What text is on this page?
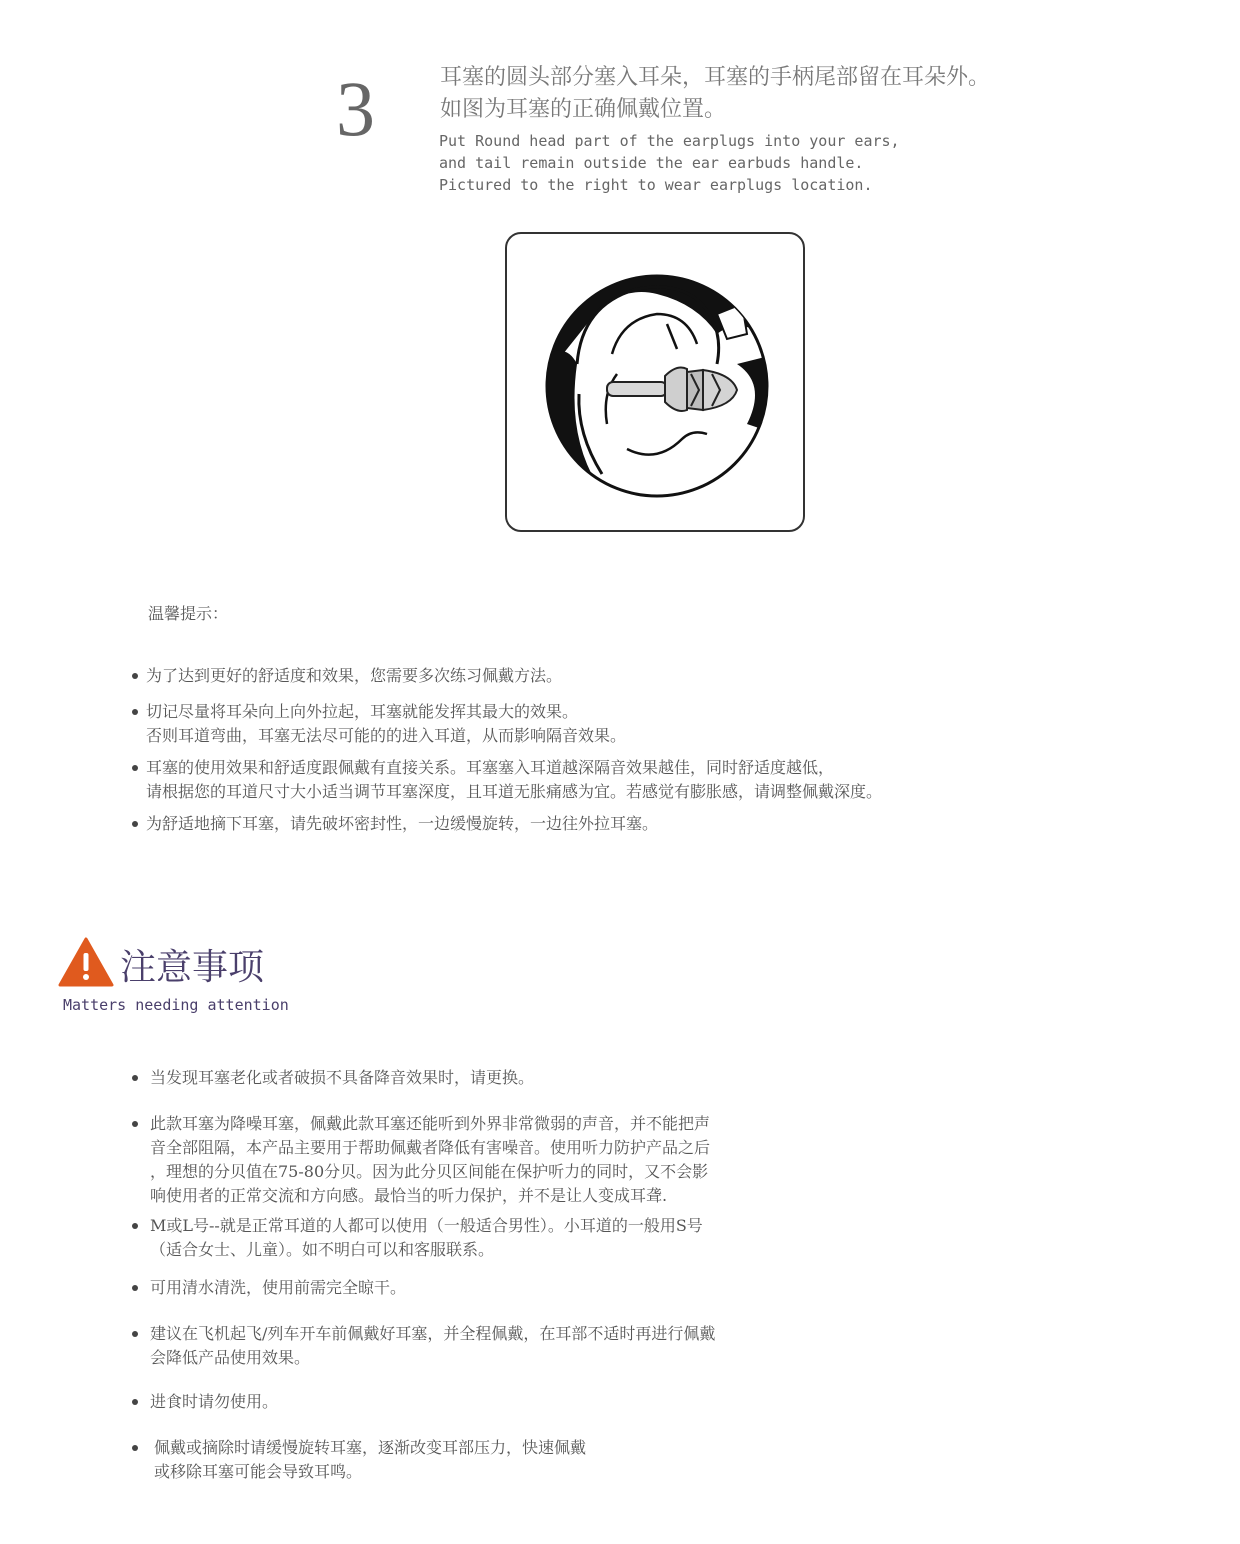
3	耳塞的圆头部分塞入耳朵，耳塞的手柄尾部留在耳朵外。
如图为耳塞的正确佩戴位置。
Put Round head part of the earplugs into your ears,
and tail remain outside the ear earbuds handle.
Pictured to the right to wear earplugs location.
温馨提示：
为了达到更好的舒适度和效果，您需要多次练习佩戴方法。
切记尽量将耳朵向上向外拉起，耳塞就能发挥其最大的效果。
否则耳道弯曲，耳塞无法尽可能的的进入耳道，从而影响隔音效果。
耳塞的使用效果和舒适度跟佩戴有直接关系。耳塞塞入耳道越深隔音效果越佳，同时舒适度越低，
请根据您的耳道尺寸大小适当调节耳塞深度，且耳道无胀痛感为宜。若感觉有膨胀感，请调整佩戴深度。
为舒适地摘下耳塞，请先破坏密封性，一边缓慢旋转，一边往外拉耳塞。
注意事项
Matters needing attention
当发现耳塞老化或者破损不具备降音效果时，请更换。
此款耳塞为降噪耳塞，佩戴此款耳塞还能听到外界非常微弱的声音，并不能把声
音全部阻隔，本产品主要用于帮助佩戴者降低有害噪音。使用听力防护产品之后
，理想的分贝值在75-80分贝。因为此分贝区间能在保护听力的同时，又不会影
响使用者的正常交流和方向感。最恰当的听力保护，并不是让人变成耳聋.
M或L号--就是正常耳道的人都可以使用（一般适合男性）。小耳道的一般用S号
（适合女士、儿童）。如不明白可以和客服联系。
可用清水清洗，使用前需完全晾干。
建议在飞机起飞/列车开车前佩戴好耳塞，并全程佩戴，在耳部不适时再进行佩戴
会降低产品使用效果。
进食时请勿使用。
佩戴或摘除时请缓慢旋转耳塞，逐渐改变耳部压力，快速佩戴
或移除耳塞可能会导致耳鸣。
